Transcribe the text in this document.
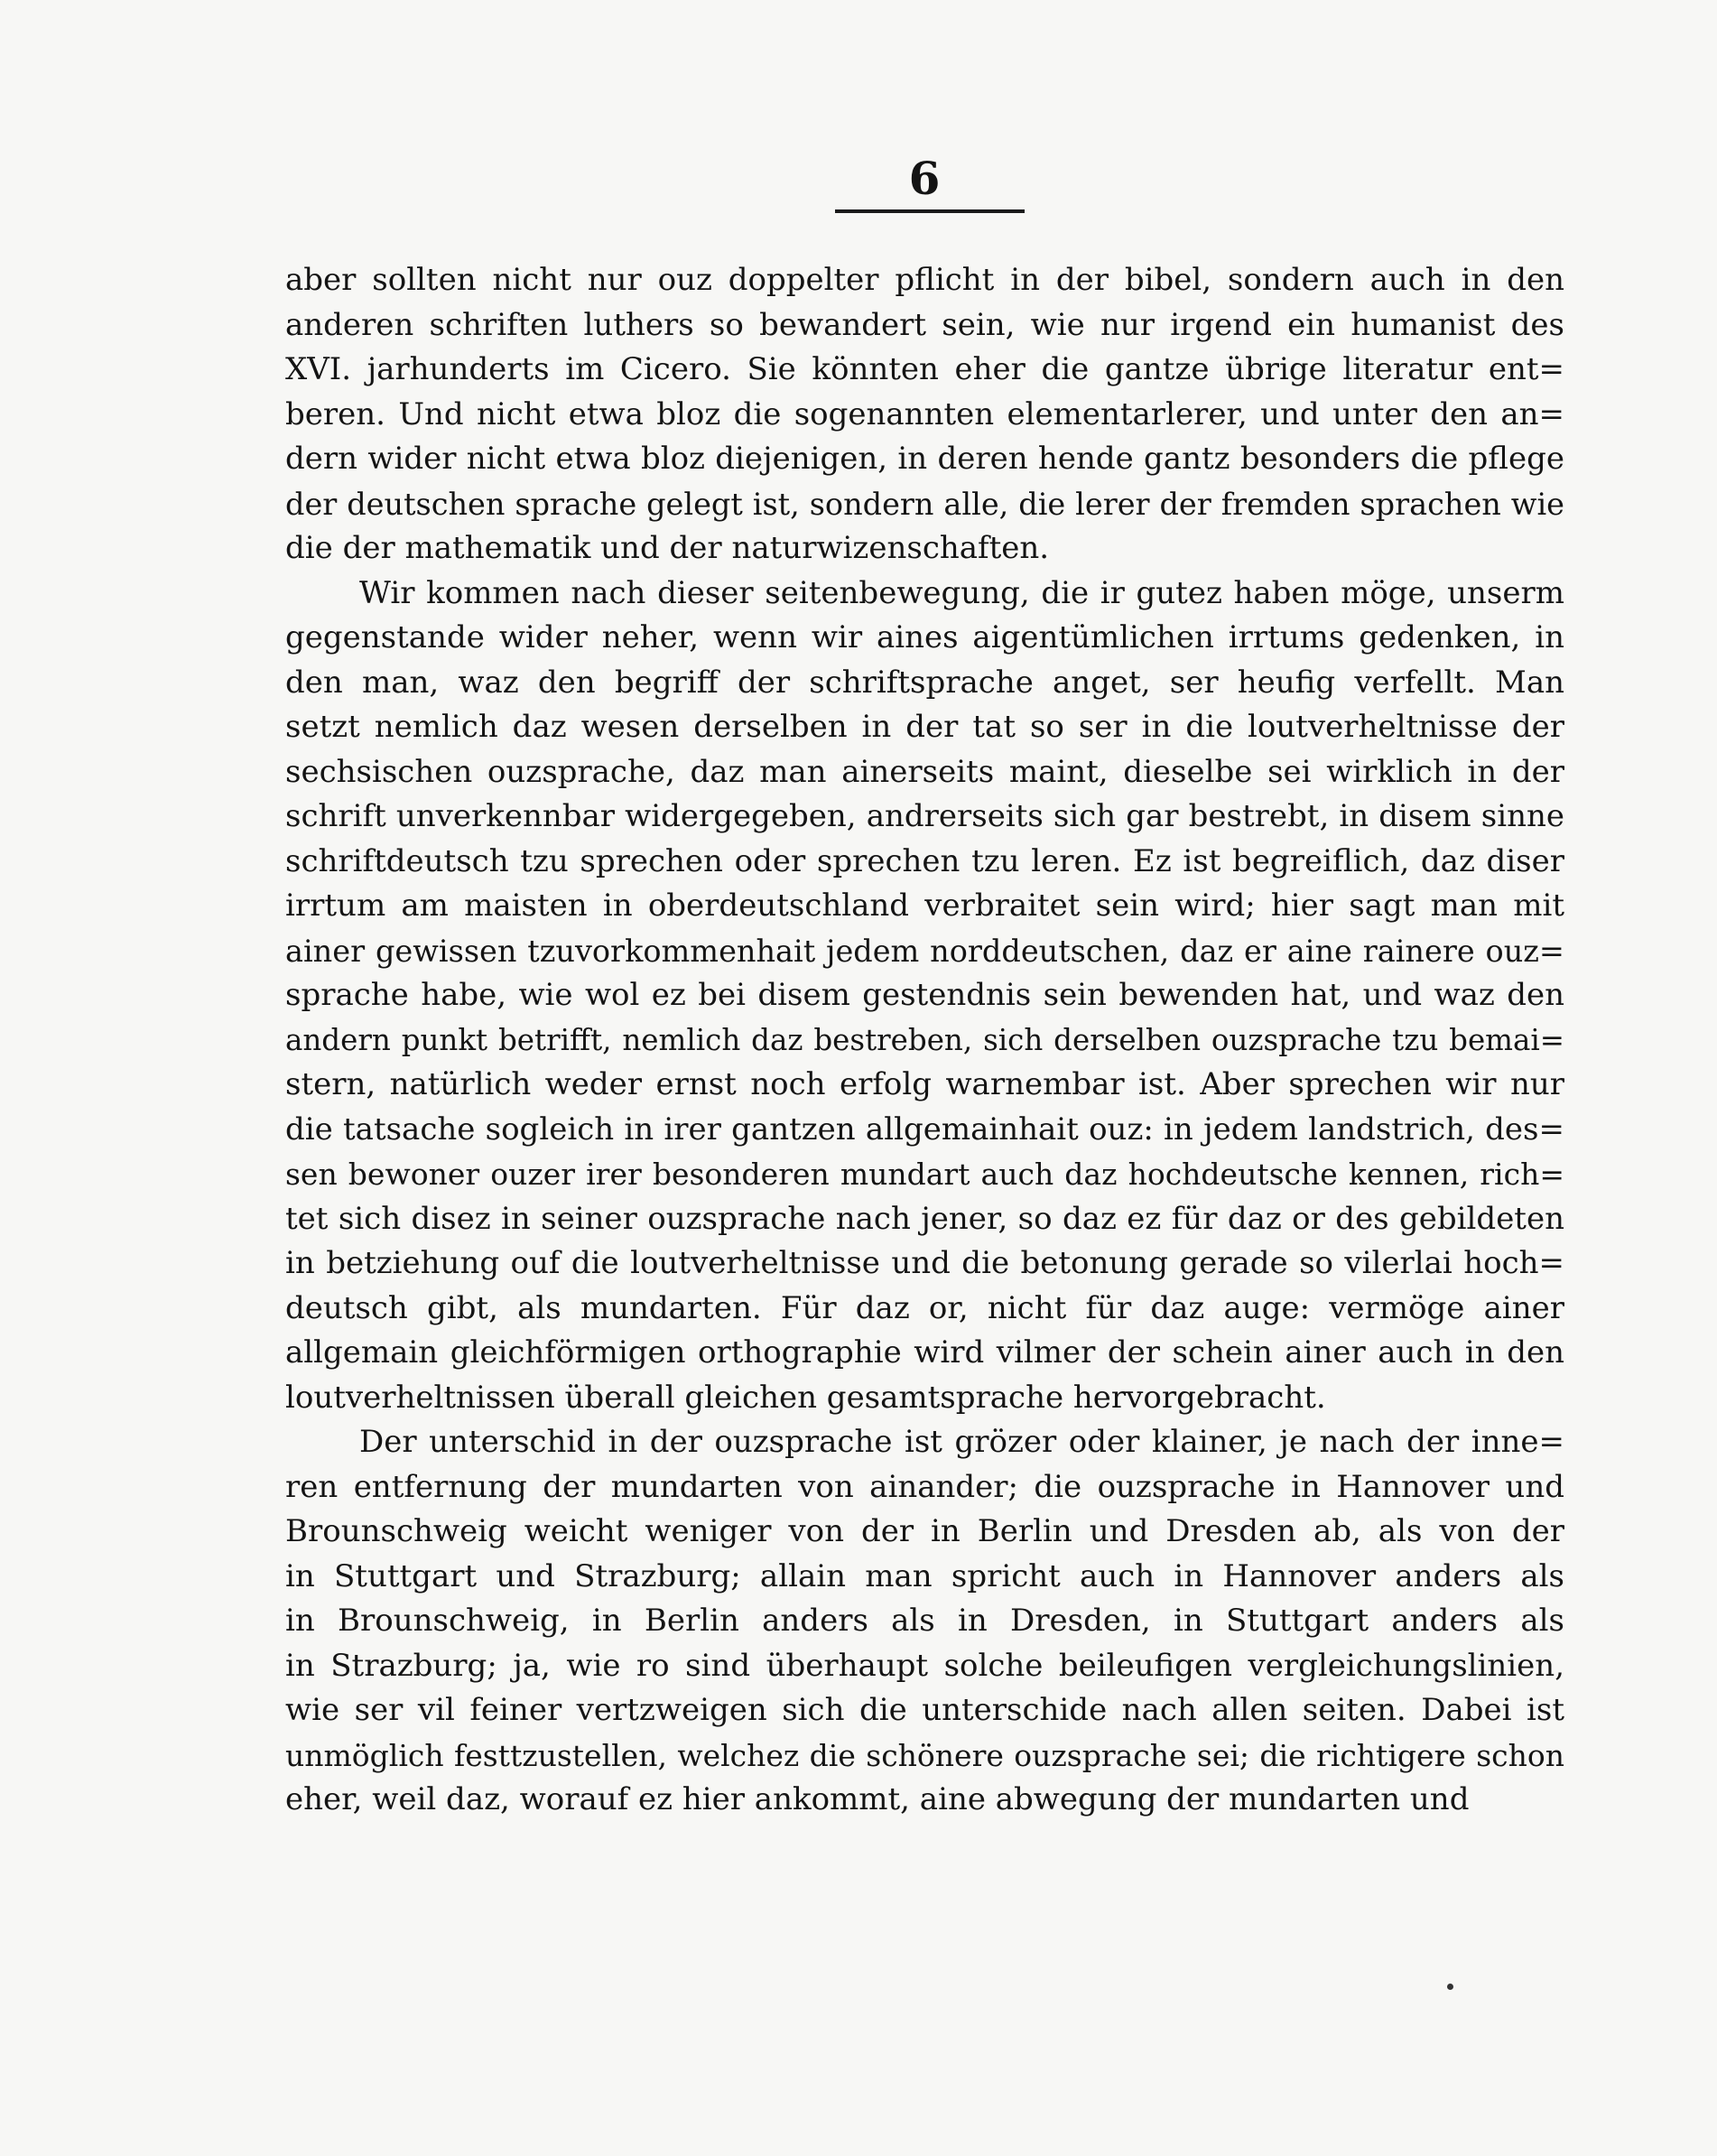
6
aber sollten nicht nur ouz doppelter pflicht in der bibel, sondern auch in den
anderen schriften luthers so bewandert sein, wie nur irgend ein humanist des
XVI. jarhunderts im Cicero. Sie könnten eher die gantze übrige literatur ent=
beren. Und nicht etwa bloz die sogenannten elementarlerer, und unter den an=
dern wider nicht etwa bloz diejenigen, in deren hende gantz besonders die pflege
der deutschen sprache gelegt ist, sondern alle, die lerer der fremden sprachen wie
die der mathematik und der naturwizenschaften.
Wir kommen nach dieser seitenbewegung, die ir gutez haben möge, unserm
gegenstande wider neher, wenn wir aines aigentümlichen irrtums gedenken, in
den man, waz den begriff der schriftsprache anget, ser heufig verfellt. Man
setzt nemlich daz wesen derselben in der tat so ser in die loutverheltnisse der
sechsischen ouzsprache, daz man ainerseits maint, dieselbe sei wirklich in der
schrift unverkennbar widergegeben, andrerseits sich gar bestrebt, in disem sinne
schriftdeutsch tzu sprechen oder sprechen tzu leren. Ez ist begreiflich, daz diser
irrtum am maisten in oberdeutschland verbraitet sein wird; hier sagt man mit
ainer gewissen tzuvorkommenhait jedem norddeutschen, daz er aine rainere ouz=
sprache habe, wie wol ez bei disem gestendnis sein bewenden hat, und waz den
andern punkt betrifft, nemlich daz bestreben, sich derselben ouzsprache tzu bemai=
stern, natürlich weder ernst noch erfolg warnembar ist. Aber sprechen wir nur
die tatsache sogleich in irer gantzen allgemainhait ouz: in jedem landstrich, des=
sen bewoner ouzer irer besonderen mundart auch daz hochdeutsche kennen, rich=
tet sich disez in seiner ouzsprache nach jener, so daz ez für daz or des gebildeten
in betziehung ouf die loutverheltnisse und die betonung gerade so vilerlai hoch=
deutsch gibt, als mundarten. Für daz or, nicht für daz auge: vermöge ainer
allgemain gleichförmigen orthographie wird vilmer der schein ainer auch in den
loutverheltnissen überall gleichen gesamtsprache hervorgebracht.
Der unterschid in der ouzsprache ist grözer oder klainer, je nach der inne=
ren entfernung der mundarten von ainander; die ouzsprache in Hannover und
Brounschweig weicht weniger von der in Berlin und Dresden ab, als von der
in Stuttgart und Strazburg; allain man spricht auch in Hannover anders als
in Brounschweig, in Berlin anders als in Dresden, in Stuttgart anders als
in Strazburg; ja, wie ro sind überhaupt solche beileufigen vergleichungslinien,
wie ser vil feiner vertzweigen sich die unterschide nach allen seiten. Dabei ist
unmöglich festtzustellen, welchez die schönere ouzsprache sei; die richtigere schon
eher, weil daz, worauf ez hier ankommt, aine abwegung der mundarten und
